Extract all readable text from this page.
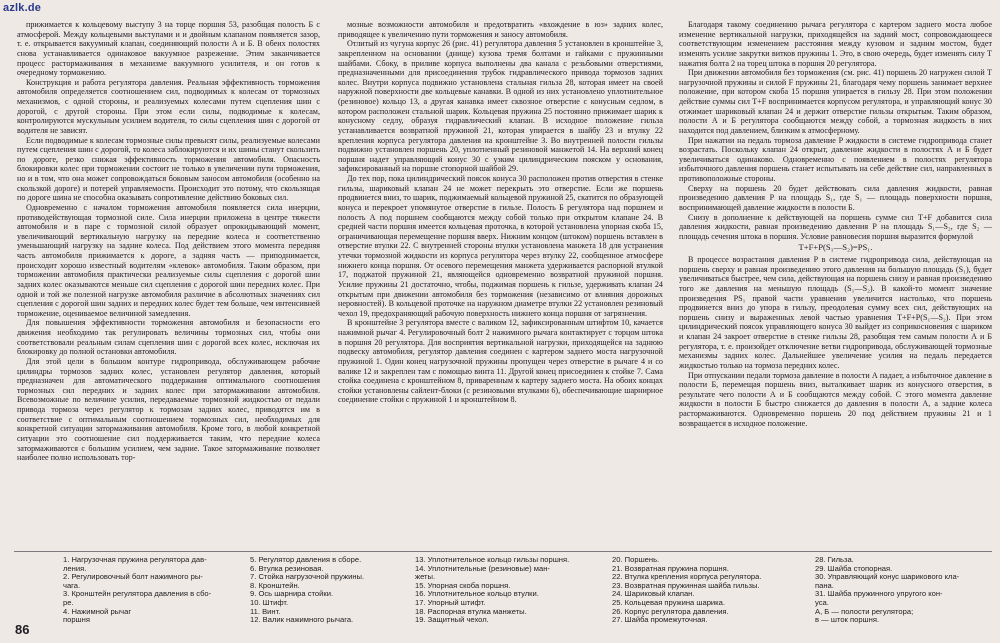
azlk.de

прижимается к кольцевому выступу 3 на торце поршня 53, разобщая полость Б с атмосферой. Между кольцевыми выступами и и двойным клапаном появляется зазор, т. е. открывается вакуумный клапан, соединяющий полости А и Б. В обеих полостях снова устанавливается одинаковое вакуумное разрежение. Этим заканчивается процесс растормаживания в механизме вакуумного усилителя, и он готов к очередному торможению.

Конструкция и работа регулятора давления. Реальная эффективность торможения автомобиля определяется соотношением сил, подводимых к колесам от тормозных механизмов, с одной стороны, и реализуемых колесами путем сцепления шин с дорогой, с другой стороны. При этом если силы, подводимые к колесам, контролируются мускульным усилием водителя, то силы сцепления шин с дорогой от водителя не зависят.

Если подводимые к колесам тормозные силы превысят силы, реализуемые колесами путем сцепления шин с дорогой, то колеса заблокируются и их шины станут скользить по дороге, резко снижая эффективность торможения автомобиля. Опасность блокировки колес при торможении состоит не только в увеличении пути торможения, но и в том, что она может сопровождаться боковым заносом автомобиля (особенно на скользкой дороге) и потерей управляемости. Происходит это потому, что скользящая по дороге шина не способна оказывать сопротивление действию боковых сил.

Одновременно с началом торможения автомобиля появляется сила инерции, противодействующая тормозной силе. Сила инерции приложена в центре тяжести автомобиля и в паре с тормозной силой образует опрокидывающий момент, увеличивающий вертикальную нагрузку на передние колеса и соответственно уменьшающий нагрузку на задние колеса. Под действием этого момента передняя часть автомобиля прижимается к дороге, а задняя часть — приподнимается, происходит хорошо известный водителям «клевок» автомобиля. Таким образом, при торможении автомобиля практически реализуемые силы сцепления с дорогой шин задних колес оказываются меньше сил сцепления с дорогой шин передних колес. При одной и той же полезной нагрузке автомобиля различие в абсолютных значениях сил сцепления с дорогой шин задних и передних колес будет тем больше, чем интенсивней торможение, оцениваемое величиной замедления.

Для повышения эффективности торможения автомобиля и безопасности его движения необходимо так регулировать величины тормозных сил, чтобы они соответствовали реальным силам сцепления шин с дорогой всех колес, исключая их блокировку до полной остановки автомобиля.

Для этой цели в большом контуре гидропривода, обслуживающем рабочие цилиндры тормозов задних колес, установлен регулятор давления, который предназначен для автоматического поддержания оптимального соотношения тормозных сил передних и задних колес при затормаживании автомобиля. Всевозможные по величине усилия, передаваемые тормозной жидкостью от педали привода тормоза через регулятор к тормозам задних колес, приводятся им в соответствие с оптимальным соотношением тормозных сил, необходимых для конкретной ситуации затормаживания автомобиля. Кроме того, в любой конкретной ситуации это соотношение сил поддерживается таким, что передние колеса затормаживаются с большим усилием, чем задние. Такое затормаживание позволяет наиболее полно использовать тор-

мозные возможности автомобиля и предотвратить «вхождение в юз» задних колес, приводящее к увеличению пути торможения и заносу автомобиля.

Отлитый из чугуна корпус 26 (рис. 41) регулятора давления 5 установлен в кронштейне 3, закрепленном на основании (днище) кузова тремя болтами и гайками с пружинными шайбами. Сбоку, в приливе корпуса выполнены два канала с резьбовыми отверстиями, предназначенными для присоединения трубок гидравлического привода тормозов задних колес. Внутри корпуса подвижно установлена стальная гильза 28, которая имеет на своей наружной поверхности две кольцевые канавки. В одной из них установлено уплотнительное (резиновое) кольцо 13, а другая канавка имеет сквозное отверстие с конусным седлом, в котором расположен стальной шарик. Кольцевая пружина 25 постоянно прижимает шарик к конусному седлу, образуя гидравлический клапан. В исходное положение гильза устанавливается возвратной пружиной 21, которая упирается в шайбу 23 и втулку 22 крепления корпуса регулятора давления на кронштейне 3. Во внутренней полости гильзы подвижно установлен поршень 20, уплотненный резиновой манжетой 14. На верхний конец поршня надет управляющий конус 30 с узким цилиндрическим пояском у основания, зафиксированный на поршне стопорной шайбой 29.

До тех пор, пока цилиндрический поясок конуса 30 расположен против отверстия в стенке гильзы, шариковый клапан 24 не может перекрыть это отверстие. Если же поршень продвинется вниз, то шарик, поджимаемый кольцевой пружиной 25, скатится по образующей конуса и перекроет упомянутое отверстие в гильзе. Полость Б регулятора над поршнем и полость А под поршнем сообщаются между собой только при открытом клапане 24. В средней части поршня имеется кольцевая проточка, в которой установлена упорная скоба 15, ограничивающая перемещение поршня вверх. Нижним концом (штоком) поршень вставлен в отверстие втулки 22. С внутренней стороны втулки установлена манжета 18 для устранения утечки тормозной жидкости из корпуса регулятора через втулку 22, сообщенное атмосфере нижнего конца поршня. От осевого перемещения манжета удерживается распорной втулкой 17, поджатой пружиной 21, являющейся одновременно возвратной пружиной поршня. Усилие пружины 21 достаточно, чтобы, поджимая поршень к гильзе, удерживать клапан 24 открытым при движении автомобиля без торможения (независимо от влияния дорожных неровностей). В кольцевой проточке на наружном диаметре втулки 22 установлен резиновый чехол 19, предохраняющий рабочую поверхность нижнего конца поршня от загрязнения.

В кронштейне 3 регулятора вместе с валиком 12, зафиксированным штифтом 10, качается нажимной рычаг 4. Регулировочный болт 2 нажимного рычага контактирует с торцом штока в поршня 20 регулятора. Для восприятия вертикальной нагрузки, приходящейся на заднюю подвеску автомобиля, регулятор давления соединен с картером заднего моста нагрузочной пружиной 1. Один конец нагрузочной пружины пропущен через отверстие в рычаге 4 и со валике 12 и закреплен там с помощью винта 11. Другой конец присоединен к стойке 7. Сама стойка соединена с кронштейном 8, приваренным к картеру заднего моста. На обоих концах стойки установлены сайлент-блоки (с резиновыми втулками 6), обеспечивающие шарнирное соединение стойки с пружиной 1 и кронштейном 8.

Благодаря такому соединению рычага регулятора с картером заднего моста любое изменение вертикальной нагрузки, приходящейся на задний мост, сопровождающееся соответствующим изменением расстояния между кузовом и задним мостом, будет изменять усилие закрутки витков пружины 1. Это, в свою очередь, будет изменять силу T нажатия болта 2 на торец штока в поршня 20 регулятора.

При движении автомобиля без торможения (см. рис. 41) поршень 20 нагружен силой T нагрузочной пружины и силой F пружины 21, благодаря чему поршень занимает верхнее положение, при котором скоба 15 поршня упирается в гильзу 28. При этом положении действие суммы сил T+F воспринимается корпусом регулятора, и управляющий конус 30 отжимает шариковый клапан 24 и держит отверстие гильзы открытым. Таким образом, полости А и Б регулятора сообщаются между собой, а тормозная жидкость в них находится под давлением, близким к атмосферному.

При нажатии на педаль тормоза давление P жидкости в системе гидропривода станет возрастать. Поскольку клапан 24 открыт, давление жидкости в полостях А и Б будет увеличиваться одинаково. Одновременно с появлением в полостях регулятора избыточного давления поршень станет испытывать на себе действие сил, направленных в противоположные стороны.

Сверху на поршень 20 будет действовать сила давления жидкости, равная произведению давления P на площадь S₁, где S₁ — площадь поверхности поршня, воспринимающей давление жидкости в полости Б.

Снизу в дополнение к действующей на поршень сумме сил T+F добавится сила давления жидкости, равная произведению давления P на площадь S₁—S₂, где S₂ — площадь сечения штока в поршня. Условие равновесия поршня выразится формулой

T+F+P(S₁—S₂)=PS₁.

В процессе возрастания давления P в системе гидропривода сила, действующая на поршень сверху и равная произведению этого давления на большую площадь (S₁), будет увеличиваться быстрее, чем сила, действующая на поршень снизу и равная произведению того же давления на меньшую площадь (S₁—S₂). В какой-то момент значение произведения PS₁ правой части уравнения увеличится настолько, что поршень продвинется вниз до упора в гильзу, преодолевая сумму всех сил, действующих на поршень снизу и выраженных левой частью уравнения T+F+P(S₁—S₂). При этом цилиндрический поясок управляющего конуса 30 выйдет из соприкосновения с шариком и клапан 24 закроет отверстие в стенке гильзы 28, разобщая тем самым полости А и Б регулятора, т. е. произойдет отключение ветви гидропривода, обслуживающей тормозные механизмы задних колес. Дальнейшее увеличение усилия на педаль передается жидкостью только на тормоза передних колес.

При отпускании педали тормоза давление в полости А падает, а избыточное давление в полости Б, перемещая поршень вниз, выталкивает шарик из конусного отверстия, в результате чего полости А и Б сообщаются между собой. С этого момента давление жидкости в полости Б быстро снижается до давления в полости А, а задние колеса растормаживаются. Одновременно поршень 20 под действием пружины 21 и 1 возвращается в исходное положение.

1. Нагрузочная пружина регулятора дав-
ления.
2. Регулировочный болт нажимного ры-
чага.
3. Кронштейн регулятора давления в сбо-
ре.
4. Нажимной рычаг
поршня
5. Регулятор давления в сборе.
6. Втулка резиновая.
7. Стойка нагрузочной пружины.
8. Кронштейн.
9. Ось шарнира стойки.
10. Штифт.
11. Винт.
12. Валик нажимного рычага.
13. Уплотнительное кольцо гильзы поршня.
14. Уплотнительные (резиновые) ман-
жеты.
15. Упорная скоба поршня.
16. Уплотнительное кольцо втулки.
17. Упорный штифт.
18. Распорная втулка манжеты.
19. Защитный чехол.
20. Поршень.
21. Возвратная пружина поршня.
22. Втулка крепления корпуса регулятора.
23. Возвратная пружинная шайба гильзы.
24. Шариковый клапан.
25. Кольцевая пружина шарика.
26. Корпус регулятора давления.
27. Шайба промежуточная.
28. Гильза.
29. Шайба стопорная.
30. Управляющий конус шарикового кла-
пана.
31. Шайба пружинного упругого кон-
уса.
А, Б — полости регулятора;
в — шток поршня.
86
